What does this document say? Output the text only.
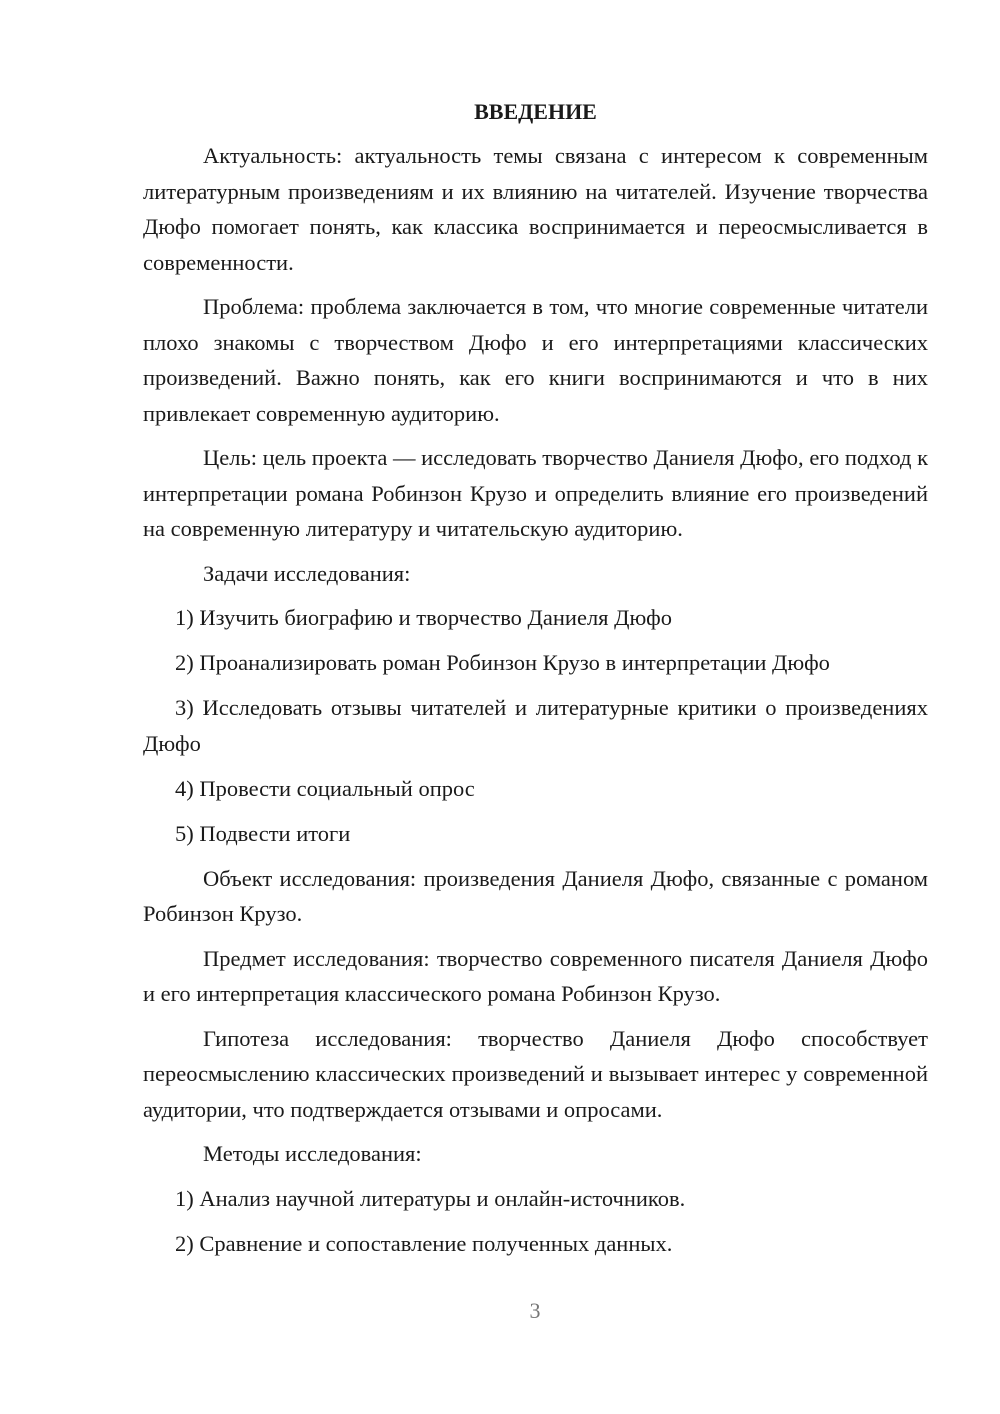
ВВЕДЕНИЕ

Актуальность: актуальность темы связана с интересом к современным литературным произведениям и их влиянию на читателей. Изучение творчества Дюфо помогает понять, как классика воспринимается и переосмысливается в современности.

Проблема: проблема заключается в том, что многие современные читатели плохо знакомы с творчеством Дюфо и его интерпретациями классических произведений. Важно понять, как его книги воспринимаются и что в них привлекает современную аудиторию.

Цель: цель проекта — исследовать творчество Даниеля Дюфо, его подход к интерпретации романа Робинзон Крузо и определить влияние его произведений на современную литературу и читательскую аудиторию.

Задачи исследования:

1) Изучить биографию и творчество Даниеля Дюфо

2) Проанализировать роман Робинзон Крузо в интерпретации Дюфо

3) Исследовать отзывы читателей и литературные критики о произведениях Дюфо

4) Провести социальный опрос

5) Подвести итоги

Объект исследования: произведения Даниеля Дюфо, связанные с романом Робинзон Крузо.

Предмет исследования: творчество современного писателя Даниеля Дюфо и его интерпретация классического романа Робинзон Крузо.

Гипотеза исследования: творчество Даниеля Дюфо способствует переосмыслению классических произведений и вызывает интерес у современной аудитории, что подтверждается отзывами и опросами.

Методы исследования:

1) Анализ научной литературы и онлайн-источников.

2) Сравнение и сопоставление полученных данных.

3
